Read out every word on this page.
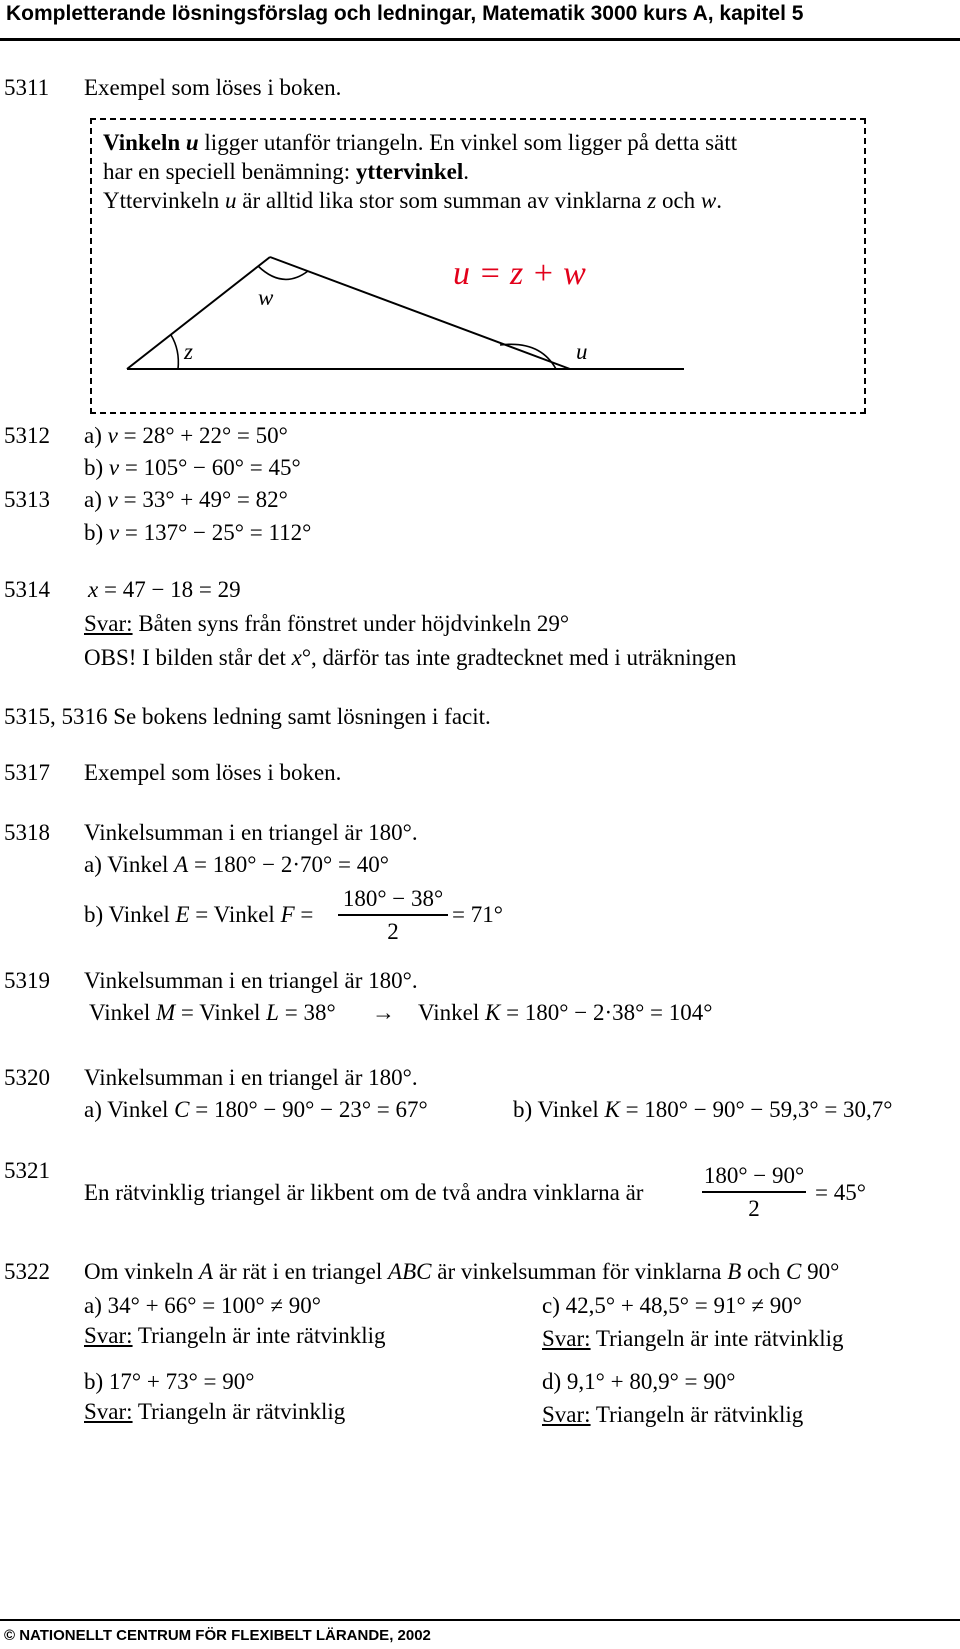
Kompletterande lösningsförslag och ledningar, Matematik 3000 kurs A, kapitel 5
5311 Exempel som löses i boken.
Vinkeln u ligger utanför triangeln. En vinkel som ligger på detta sätt
har en speciell benämning: yttervinkel.
Yttervinkeln u är alltid lika stor som summan av vinklarna z och w.
u = z + w
w
z	u
5312 a) v = 28° + 22° = 50°
b) v = 105° − 60° = 45°
5313 a) v = 33° + 49° = 82°
b) v = 137° − 25° = 112°
5314 x = 47 − 18 = 29
Svar: Båten syns från fönstret under höjdvinkeln 29°
OBS! I bilden står det x°, därför tas inte gradtecknet med i uträkningen
5315, 5316 Se bokens ledning samt lösningen i facit.
5317 Exempel som löses i boken.
5318 Vinkelsumman i en triangel är 180°.
a) Vinkel A = 180° − 2·70° = 40°
b) Vinkel E = Vinkel F =
180° − 38°
2
= 71°
5319 Vinkelsumman i en triangel är 180°.
Vinkel M = Vinkel L = 38° → Vinkel K = 180° − 2·38° = 104°
5320 Vinkelsumman i en triangel är 180°.
a) Vinkel C = 180° − 90° − 23° = 67°	b) Vinkel K = 180° − 90° − 59,3° = 30,7°
5321
En rätvinklig triangel är likbent om de två andra vinklarna är
180° − 90°
2
= 45°
5322 Om vinkeln A är rät i en triangel ABC är vinkelsumman för vinklarna B och C 90°
a) 34° + 66° = 100° ≠ 90°
Svar: Triangeln är inte rätvinklig
b) 17° + 73° = 90°
Svar: Triangeln är rätvinklig
c) 42,5° + 48,5° = 91° ≠ 90°
Svar: Triangeln är inte rätvinklig
d) 9,1° + 80,9° = 90°
Svar: Triangeln är rätvinklig
© NATIONELLT CENTRUM FÖR FLEXIBELT LÄRANDE, 2002
